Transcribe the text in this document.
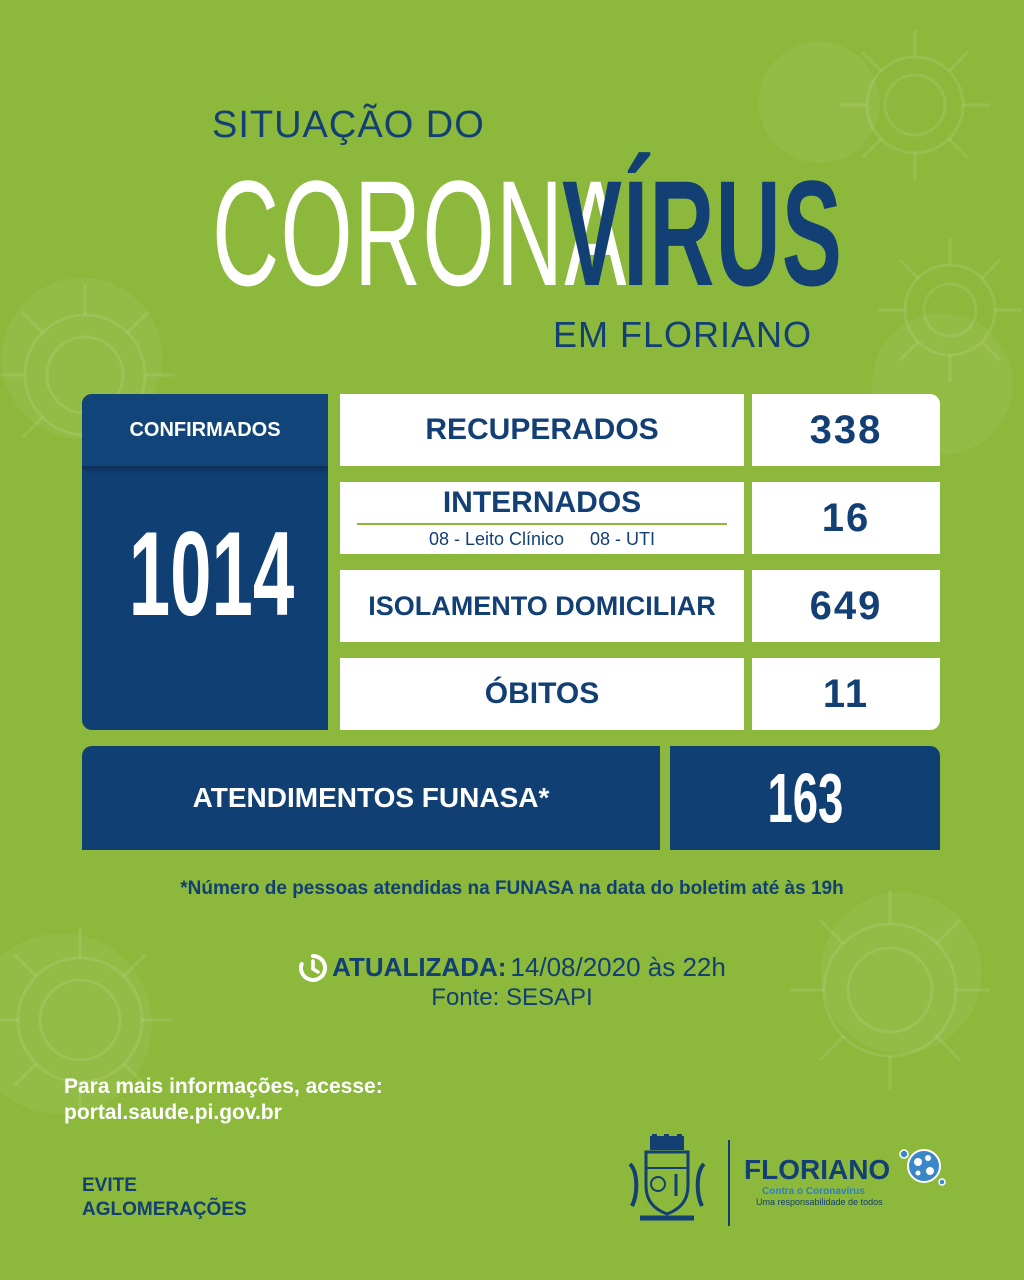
SITUAÇÃO DO
CORONA
VÍRUS
EM FLORIANO
CONFIRMADOS
1014
RECUPERADOS	338
INTERNADOS
08 - Leito Clínico 08 - UTI	16
ISOLAMENTO DOMICILIAR	649
ÓBITOS	11
ATENDIMENTOS FUNASA*	163
*Número de pessoas atendidas na FUNASA na data do boletim até às 19h
ATUALIZADA: 14/08/2020 às 22h
Fonte: SESAPI
Para mais informações, acesse:
portal.saude.pi.gov.br
EVITE
AGLOMERAÇÕES
FLORIANO
Contra o Coronavírus
Uma responsabilidade de todos
